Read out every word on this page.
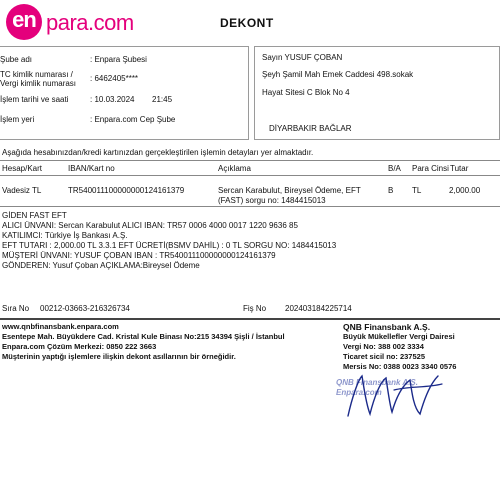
en para.com	DEKONT
Şube adı	: Enpara Şubesi
TC kimlik numarası / Vergi kimlik numarası
: 6462405****
İşlem tarihi ve saati	: 10.03.2024 21:45
İşlem yeri	: Enpara.com Cep Şube
Sayın YUSUF ÇOBAN
Şeyh Şamil Mah Emek Caddesi 498.sokak
Hayat Sitesi C Blok No 4
DİYARBAKIR BAĞLAR
Aşağıda hesabınızdan/kredi kartınızdan gerçekleştirilen işlemin detayları yer almaktadır.
Hesap/Kart	IBAN/Kart no	Açıklama	B/A Para Cinsi Tutar
Vadesiz TL	TR540011100000000124161379	Sercan Karabulut, Bireysel Ödeme, EFT
(FAST) sorgu no: 1484415013
B TL	2,000.00
GİDEN FAST EFT
ALICI ÜNVANI: Sercan Karabulut ALICI IBAN: TR57 0006 4000 0017 1220 9636 85
KATILIMCI: Türkiye İş Bankası A.Ş.
EFT TUTARI : 2,000.00 TL 3.3.1 EFT ÜCRETİ(BSMV DAHİL) : 0 TL SORGU NO: 1484415013
MÜŞTERİ ÜNVANI: YUSUF ÇOBAN IBAN : TR540011100000000124161379
GÖNDEREN: Yusuf Çoban AÇIKLAMA:Bireysel Ödeme
Sıra No 00212-03663-216326734	Fiş No 202403184225714
www.qnbfinansbank.enpara.com
Esentepe Mah. Büyükdere Cad. Kristal Kule Binası No:215 34394 Şişli / İstanbul
Enpara.com Çözüm Merkezi: 0850 222 3663
Müşterinin yaptığı işlemlere ilişkin dekont asıllarının bir örneğidir.
QNB Finansbank A.Ş.
Büyük Mükellefler Vergi Dairesi
Vergi No: 388 002 3334
Ticaret sicil no: 237525
Mersis No: 0388 0023 3340 0576
QNB Finansbank A.Ş. Enpara.com
